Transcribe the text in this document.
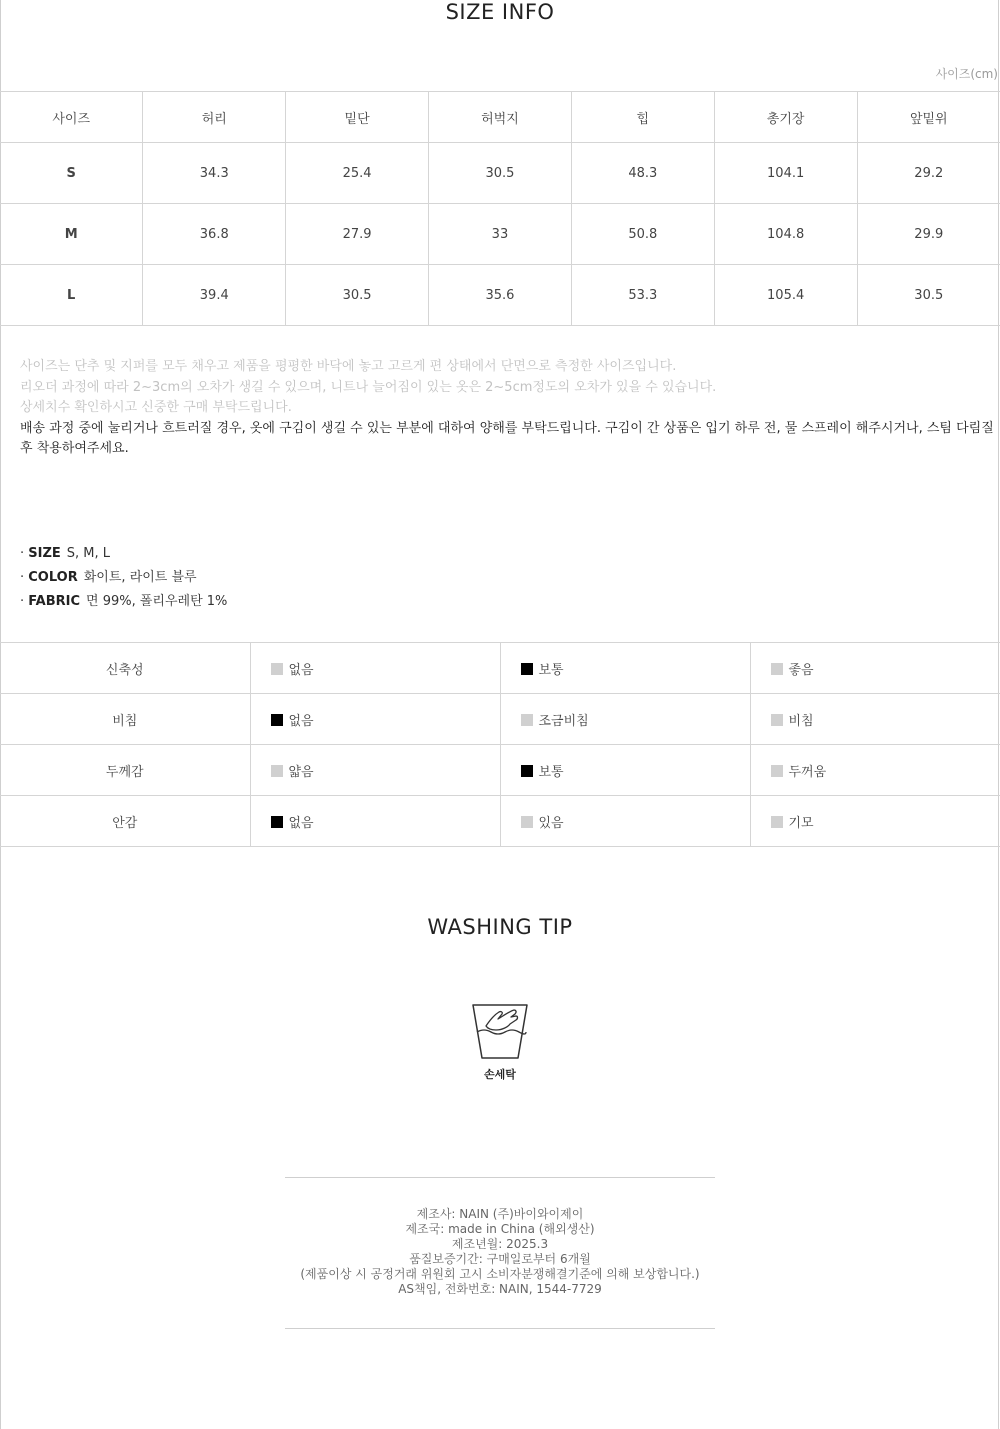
SIZE INFO
사이즈(cm)
사이즈	허리	밑단	허벅지	힙	총기장	앞밑위
S	34.3	25.4	30.5	48.3	104.1	29.2
M	36.8	27.9	33	50.8	104.8	29.9
L	39.4	30.5	35.6	53.3	105.4	30.5
사이즈는 단추 및 지퍼를 모두 채우고 제품을 평평한 바닥에 놓고 고르게 편 상태에서 단면으로 측정한 사이즈입니다.
리오더 과정에 따라 2~3cm의 오차가 생길 수 있으며, 니트나 늘어짐이 있는 옷은 2~5cm정도의 오차가 있을 수 있습니다.
상세치수 확인하시고 신중한 구매 부탁드립니다.
배송 과정 중에 눌리거나 흐트러질 경우, 옷에 구김이 생길 수 있는 부분에 대하여 양해를 부탁드립니다. 구김이 간 상품은 입기 하루 전, 물 스프레이 해주시거나, 스팀 다림질 후 착용하여주세요.
· SIZE S, M, L
· COLOR 화이트, 라이트 블루
· FABRIC 면 99%, 폴리우레탄 1%
신축성	없음	보통	좋음
비침	없음	조금비침	비침
두께감	얇음	보통	두꺼움
안감	없음	있음	기모
WASHING TIP
손세탁
제조사: NAIN (주)바이와이제이
제조국: made in China (해외생산)
제조년월: 2025.3
품질보증기간: 구매일로부터 6개월
(제품이상 시 공정거래 위원회 고시 소비자분쟁해결기준에 의해 보상합니다.)
AS책임, 전화번호: NAIN, 1544-7729
